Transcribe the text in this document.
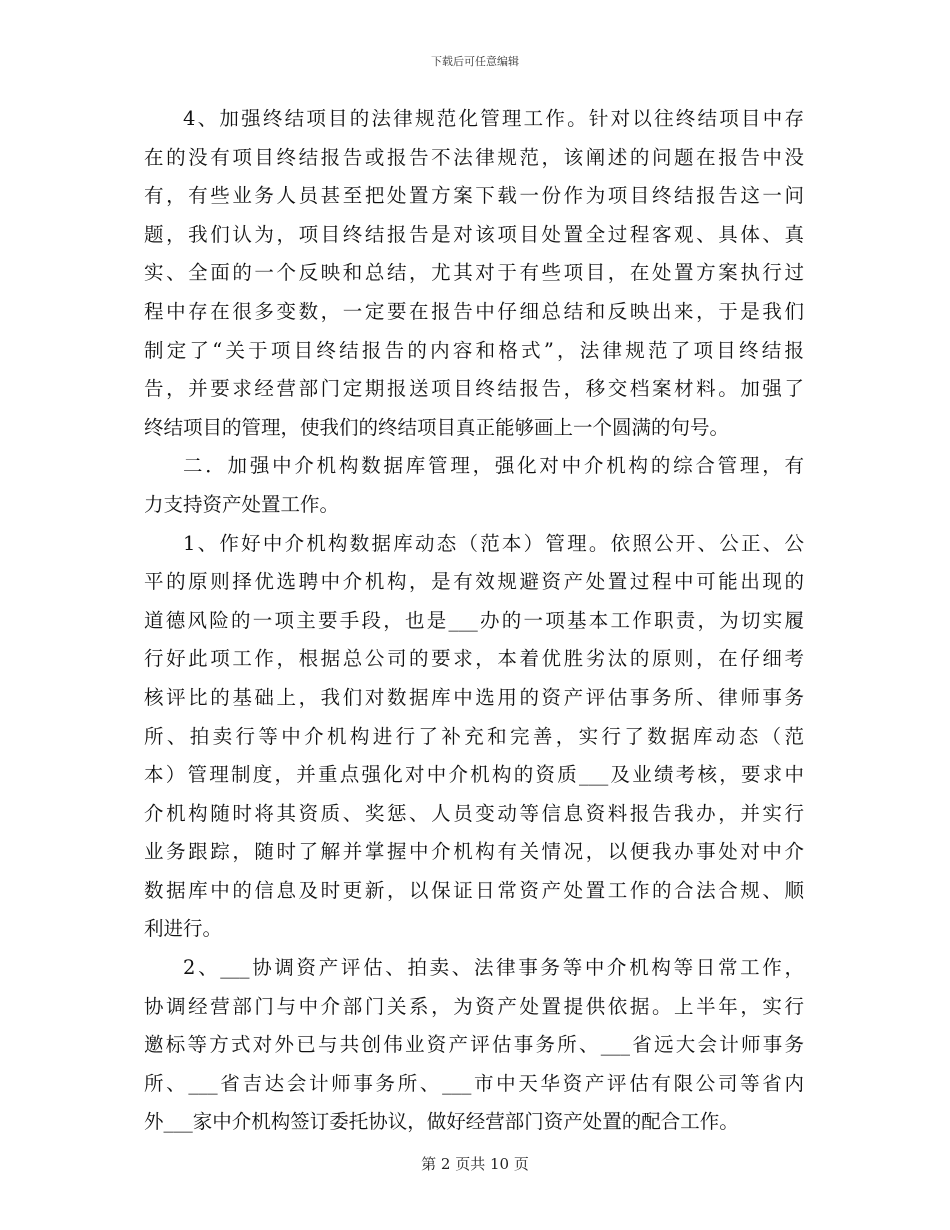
下载后可任意编辑
4、加强终结项目的法律规范化管理工作。针对以往终结项目中存
在的没有项目终结报告或报告不法律规范，该阐述的问题在报告中没
有，有些业务人员甚至把处置方案下载一份作为项目终结报告这一问
题，我们认为，项目终结报告是对该项目处置全过程客观、具体、真
实、全面的一个反映和总结，尤其对于有些项目，在处置方案执行过
程中存在很多变数，一定要在报告中仔细总结和反映出来，于是我们
制定了“关于项目终结报告的内容和格式”，法律规范了项目终结报
告，并要求经营部门定期报送项目终结报告，移交档案材料。加强了
终结项目的管理，使我们的终结项目真正能够画上一个圆满的句号。
二．加强中介机构数据库管理，强化对中介机构的综合管理，有
力支持资产处置工作。
1、作好中介机构数据库动态（范本）管理。依照公开、公正、公
平的原则择优选聘中介机构，是有效规避资产处置过程中可能出现的
道德风险的一项主要手段，也是___办的一项基本工作职责，为切实履
行好此项工作，根据总公司的要求，本着优胜劣汰的原则，在仔细考
核评比的基础上，我们对数据库中选用的资产评估事务所、律师事务
所、拍卖行等中介机构进行了补充和完善，实行了数据库动态（范
本）管理制度，并重点强化对中介机构的资质___及业绩考核，要求中
介机构随时将其资质、奖惩、人员变动等信息资料报告我办，并实行
业务跟踪，随时了解并掌握中介机构有关情况，以便我办事处对中介
数据库中的信息及时更新，以保证日常资产处置工作的合法合规、顺
利进行。
2、___协调资产评估、拍卖、法律事务等中介机构等日常工作，
协调经营部门与中介部门关系，为资产处置提供依据。上半年，实行
邀标等方式对外已与共创伟业资产评估事务所、___省远大会计师事务
所、___省吉达会计师事务所、___市中天华资产评估有限公司等省内
外___家中介机构签订委托协议，做好经营部门资产处置的配合工作。
第 2 页共 10 页
